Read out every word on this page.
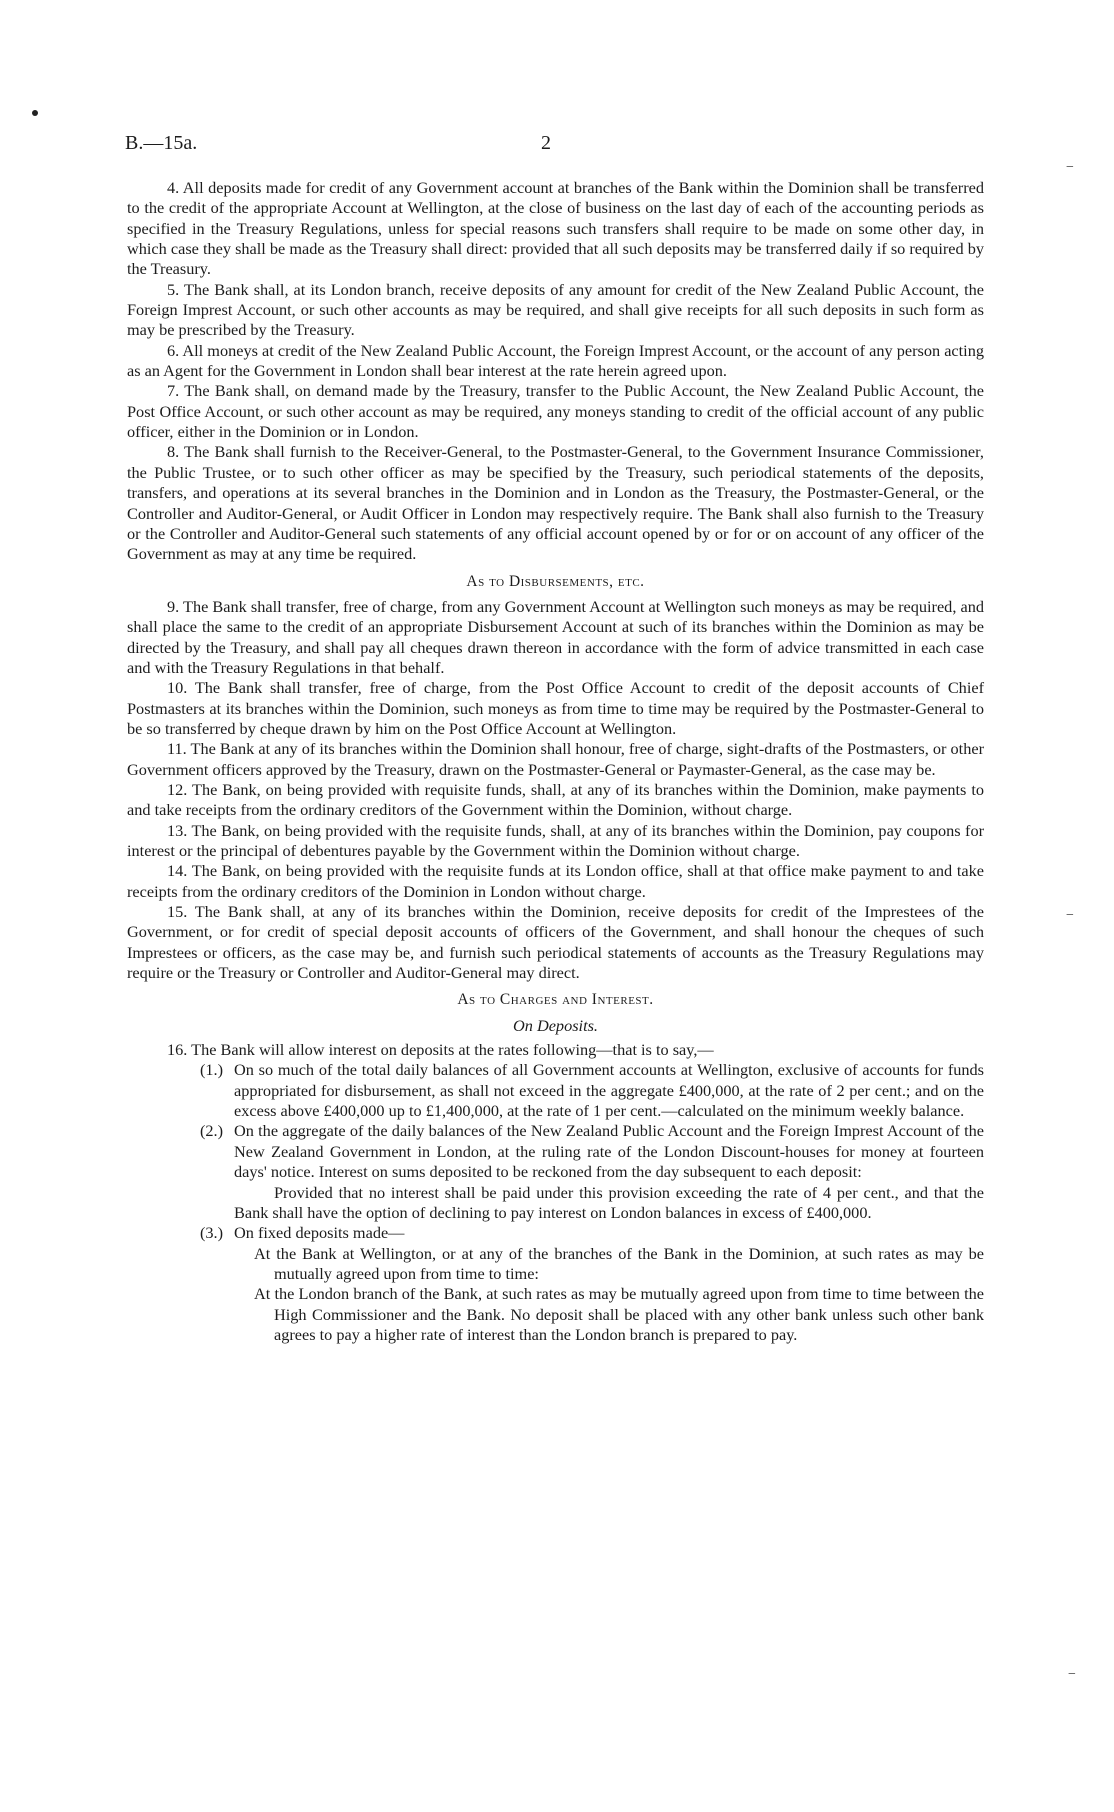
−
−
−
B.—15a.	2

4. All deposits made for credit of any Government account at branches of the Bank within the Dominion shall be transferred to the credit of the appropriate Account at Wellington, at the close of business on the last day of each of the accounting periods as specified in the Treasury Regulations, unless for special reasons such transfers shall require to be made on some other day, in which case they shall be made as the Treasury shall direct: provided that all such deposits may be transferred daily if so required by the Treasury.

5. The Bank shall, at its London branch, receive deposits of any amount for credit of the New Zealand Public Account, the Foreign Imprest Account, or such other accounts as may be required, and shall give receipts for all such deposits in such form as may be prescribed by the Treasury.

6. All moneys at credit of the New Zealand Public Account, the Foreign Imprest Account, or the account of any person acting as an Agent for the Government in London shall bear interest at the rate herein agreed upon.

7. The Bank shall, on demand made by the Treasury, transfer to the Public Account, the New Zealand Public Account, the Post Office Account, or such other account as may be required, any moneys standing to credit of the official account of any public officer, either in the Dominion or in London.

8. The Bank shall furnish to the Receiver-General, to the Postmaster-General, to the Government Insurance Commissioner, the Public Trustee, or to such other officer as may be specified by the Treasury, such periodical statements of the deposits, transfers, and operations at its several branches in the Dominion and in London as the Treasury, the Postmaster-General, or the Controller and Auditor-General, or Audit Officer in London may respectively require. The Bank shall also furnish to the Treasury or the Controller and Auditor-General such statements of any official account opened by or for or on account of any officer of the Government as may at any time be required.

As to Disbursements, etc.

9. The Bank shall transfer, free of charge, from any Government Account at Wellington such moneys as may be required, and shall place the same to the credit of an appropriate Disbursement Account at such of its branches within the Dominion as may be directed by the Treasury, and shall pay all cheques drawn thereon in accordance with the form of advice transmitted in each case and with the Treasury Regulations in that behalf.

10. The Bank shall transfer, free of charge, from the Post Office Account to credit of the deposit accounts of Chief Postmasters at its branches within the Dominion, such moneys as from time to time may be required by the Postmaster-General to be so transferred by cheque drawn by him on the Post Office Account at Wellington.

11. The Bank at any of its branches within the Dominion shall honour, free of charge, sight-drafts of the Postmasters, or other Government officers approved by the Treasury, drawn on the Postmaster-General or Paymaster-General, as the case may be.

12. The Bank, on being provided with requisite funds, shall, at any of its branches within the Dominion, make payments to and take receipts from the ordinary creditors of the Government within the Dominion, without charge.

13. The Bank, on being provided with the requisite funds, shall, at any of its branches within the Dominion, pay coupons for interest or the principal of debentures payable by the Government within the Dominion without charge.

14. The Bank, on being provided with the requisite funds at its London office, shall at that office make payment to and take receipts from the ordinary creditors of the Dominion in London without charge.

15. The Bank shall, at any of its branches within the Dominion, receive deposits for credit of the Imprestees of the Government, or for credit of special deposit accounts of officers of the Government, and shall honour the cheques of such Imprestees or officers, as the case may be, and furnish such periodical statements of accounts as the Treasury Regulations may require or the Treasury or Controller and Auditor-General may direct.

As to Charges and Interest.
On Deposits.

16. The Bank will allow interest on deposits at the rates following—that is to say,—

(1.) On so much of the total daily balances of all Government accounts at Wellington, exclusive of accounts for funds appropriated for disbursement, as shall not exceed in the aggregate £400,000, at the rate of 2 per cent.; and on the excess above £400,000 up to £1,400,000, at the rate of 1 per cent.—calculated on the minimum weekly balance.
(2.) On the aggregate of the daily balances of the New Zealand Public Account and the Foreign Imprest Account of the New Zealand Government in London, at the ruling rate of the London Discount-houses for money at fourteen days' notice. Interest on sums deposited to be reckoned from the day subsequent to each deposit:

Provided that no interest shall be paid under this provision exceeding the rate of 4 per cent., and that the Bank shall have the option of declining to pay interest on London balances in excess of £400,000.

(3.) On fixed deposits made—

At the Bank at Wellington, or at any of the branches of the Bank in the Dominion, at such rates as may be mutually agreed upon from time to time:

At the London branch of the Bank, at such rates as may be mutually agreed upon from time to time between the High Commissioner and the Bank. No deposit shall be placed with any other bank unless such other bank agrees to pay a higher rate of interest than the London branch is prepared to pay.
